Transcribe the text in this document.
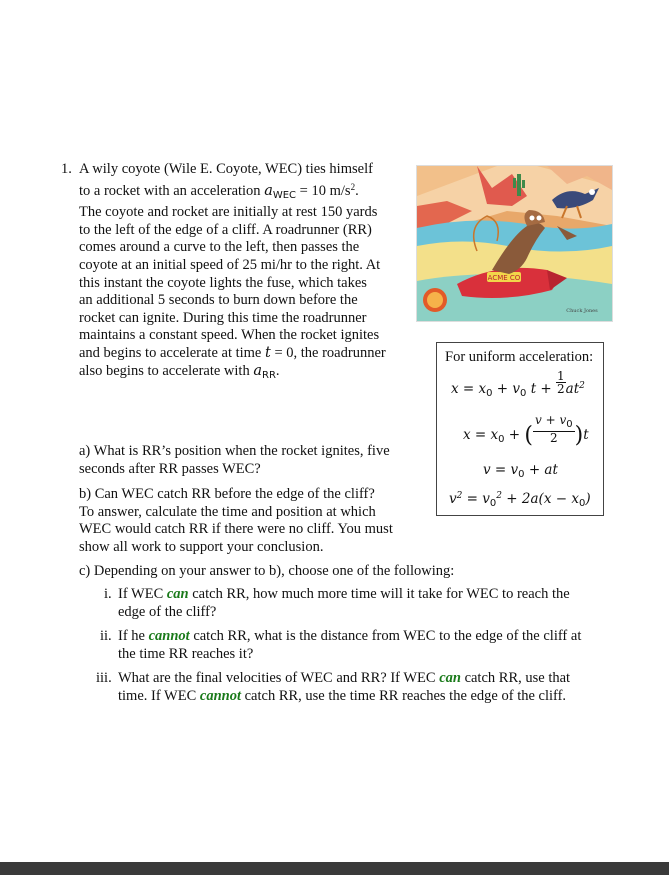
1. A wily coyote (Wile E. Coyote, WEC) ties himself
to a rocket with an acceleration $a_{WEC} = 10$ $m/s^2$.
The coyote and rocket are initially at rest 150 yards
to the left of the edge of a cliff. A roadrunner (RR)
comes around a curve to the left, then passes the
coyote at an initial speed of 25 mi/hr to the right. At
this instant the coyote lights the fuse, which takes
an additional 5 seconds to burn down before the
rocket can ignite. During this time the roadrunner
maintains a constant speed. When the rocket ignites
and begins to accelerate at time t = 0, the roadrunner
also begins to accelerate with $a_{RR}$.
ACME CO
Chuck Jones
For uniform acceleration:
$x = x_0 + v_0$ $t + \frac{1}{2} at^2$
$x = x_0$ + ( $\frac{v + v_0}{2} )t$
$v = v_0$ + at
$v^2 = v_0^2 + 2a(x - x_0)$
a) What is RR’s position when the rocket ignites, five
seconds after RR passes WEC?
b) Can WEC catch RR before the edge of the cliff?
To answer, calculate the time and position at which
WEC would catch RR if there were no cliff. You must
show all work to support your conclusion.
c) Depending on your answer to b), choose one of the following:
i. If WEC can catch RR, how much more time will it take for WEC to reach the
edge of the cliff?
ii. If he cannot catch RR, what is the distance from WEC to the edge of the cliff at
the time RR reaches it?
iii. What are the final velocities of WEC and RR? If WEC can catch RR, use that
time. If WEC cannot catch RR, use the time RR reaches the edge of the cliff.
